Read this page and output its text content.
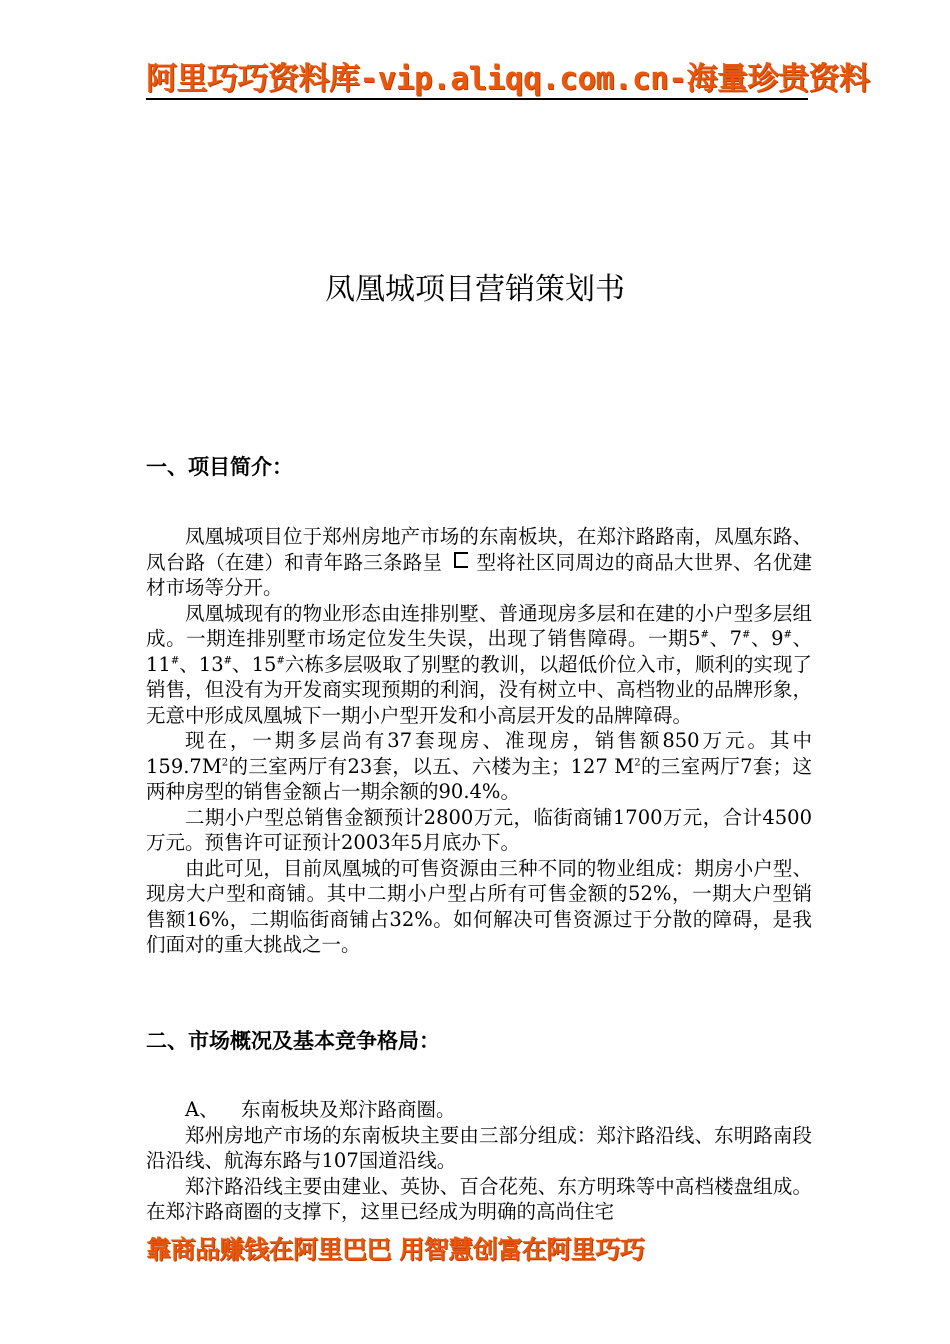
阿里巧巧资料库-vip.aliqq.com.cn-海量珍贵资料
凤凰城项目营销策划书
一、项目简介：

凤凰城项目位于郑州房地产市场的东南板块，在郑汴路路南，凤凰东路、凤台路（在建）和青年路三条路呈 型将社区同周边的商品大世界、名优建材市场等分开。

凤凰城现有的物业形态由连排别墅、普通现房多层和在建的小户型多层组成。一期连排别墅市场定位发生失误，出现了销售障碍。一期5#、7#、9#、11#、13#、15#六栋多层吸取了别墅的教训，以超低价位入市，顺利的实现了销售，但没有为开发商实现预期的利润，没有树立中、高档物业的品牌形象，无意中形成凤凰城下一期小户型开发和小高层开发的品牌障碍。

现在，一期多层尚有37套现房、准现房，销售额850万元。其中$159.7M^2$的三室两厅有23套，以五、六楼为主；127 $M^2$的三室两厅7套；这两种房型的销售金额占一期余额的90.4%。

二期小户型总销售金额预计2800万元，临街商铺1700万元，合计4500万元。预售许可证预计2003年5月底办下。

由此可见，目前凤凰城的可售资源由三种不同的物业组成：期房小户型、现房大户型和商铺。其中二期小户型占所有可售金额的52%，一期大户型销售额16%，二期临街商铺占32%。如何解决可售资源过于分散的障碍，是我们面对的重大挑战之一。

二、市场概况及基本竞争格局：

A、 东南板块及郑汴路商圈。

郑州房地产市场的东南板块主要由三部分组成：郑汴路沿线、东明路南段沿沿线、航海东路与107国道沿线。

郑汴路沿线主要由建业、英协、百合花苑、东方明珠等中高档楼盘组成。在郑汴路商圈的支撑下，这里已经成为明确的高尚住宅

靠商品赚钱在阿里巴巴 用智慧创富在阿里巧巧
